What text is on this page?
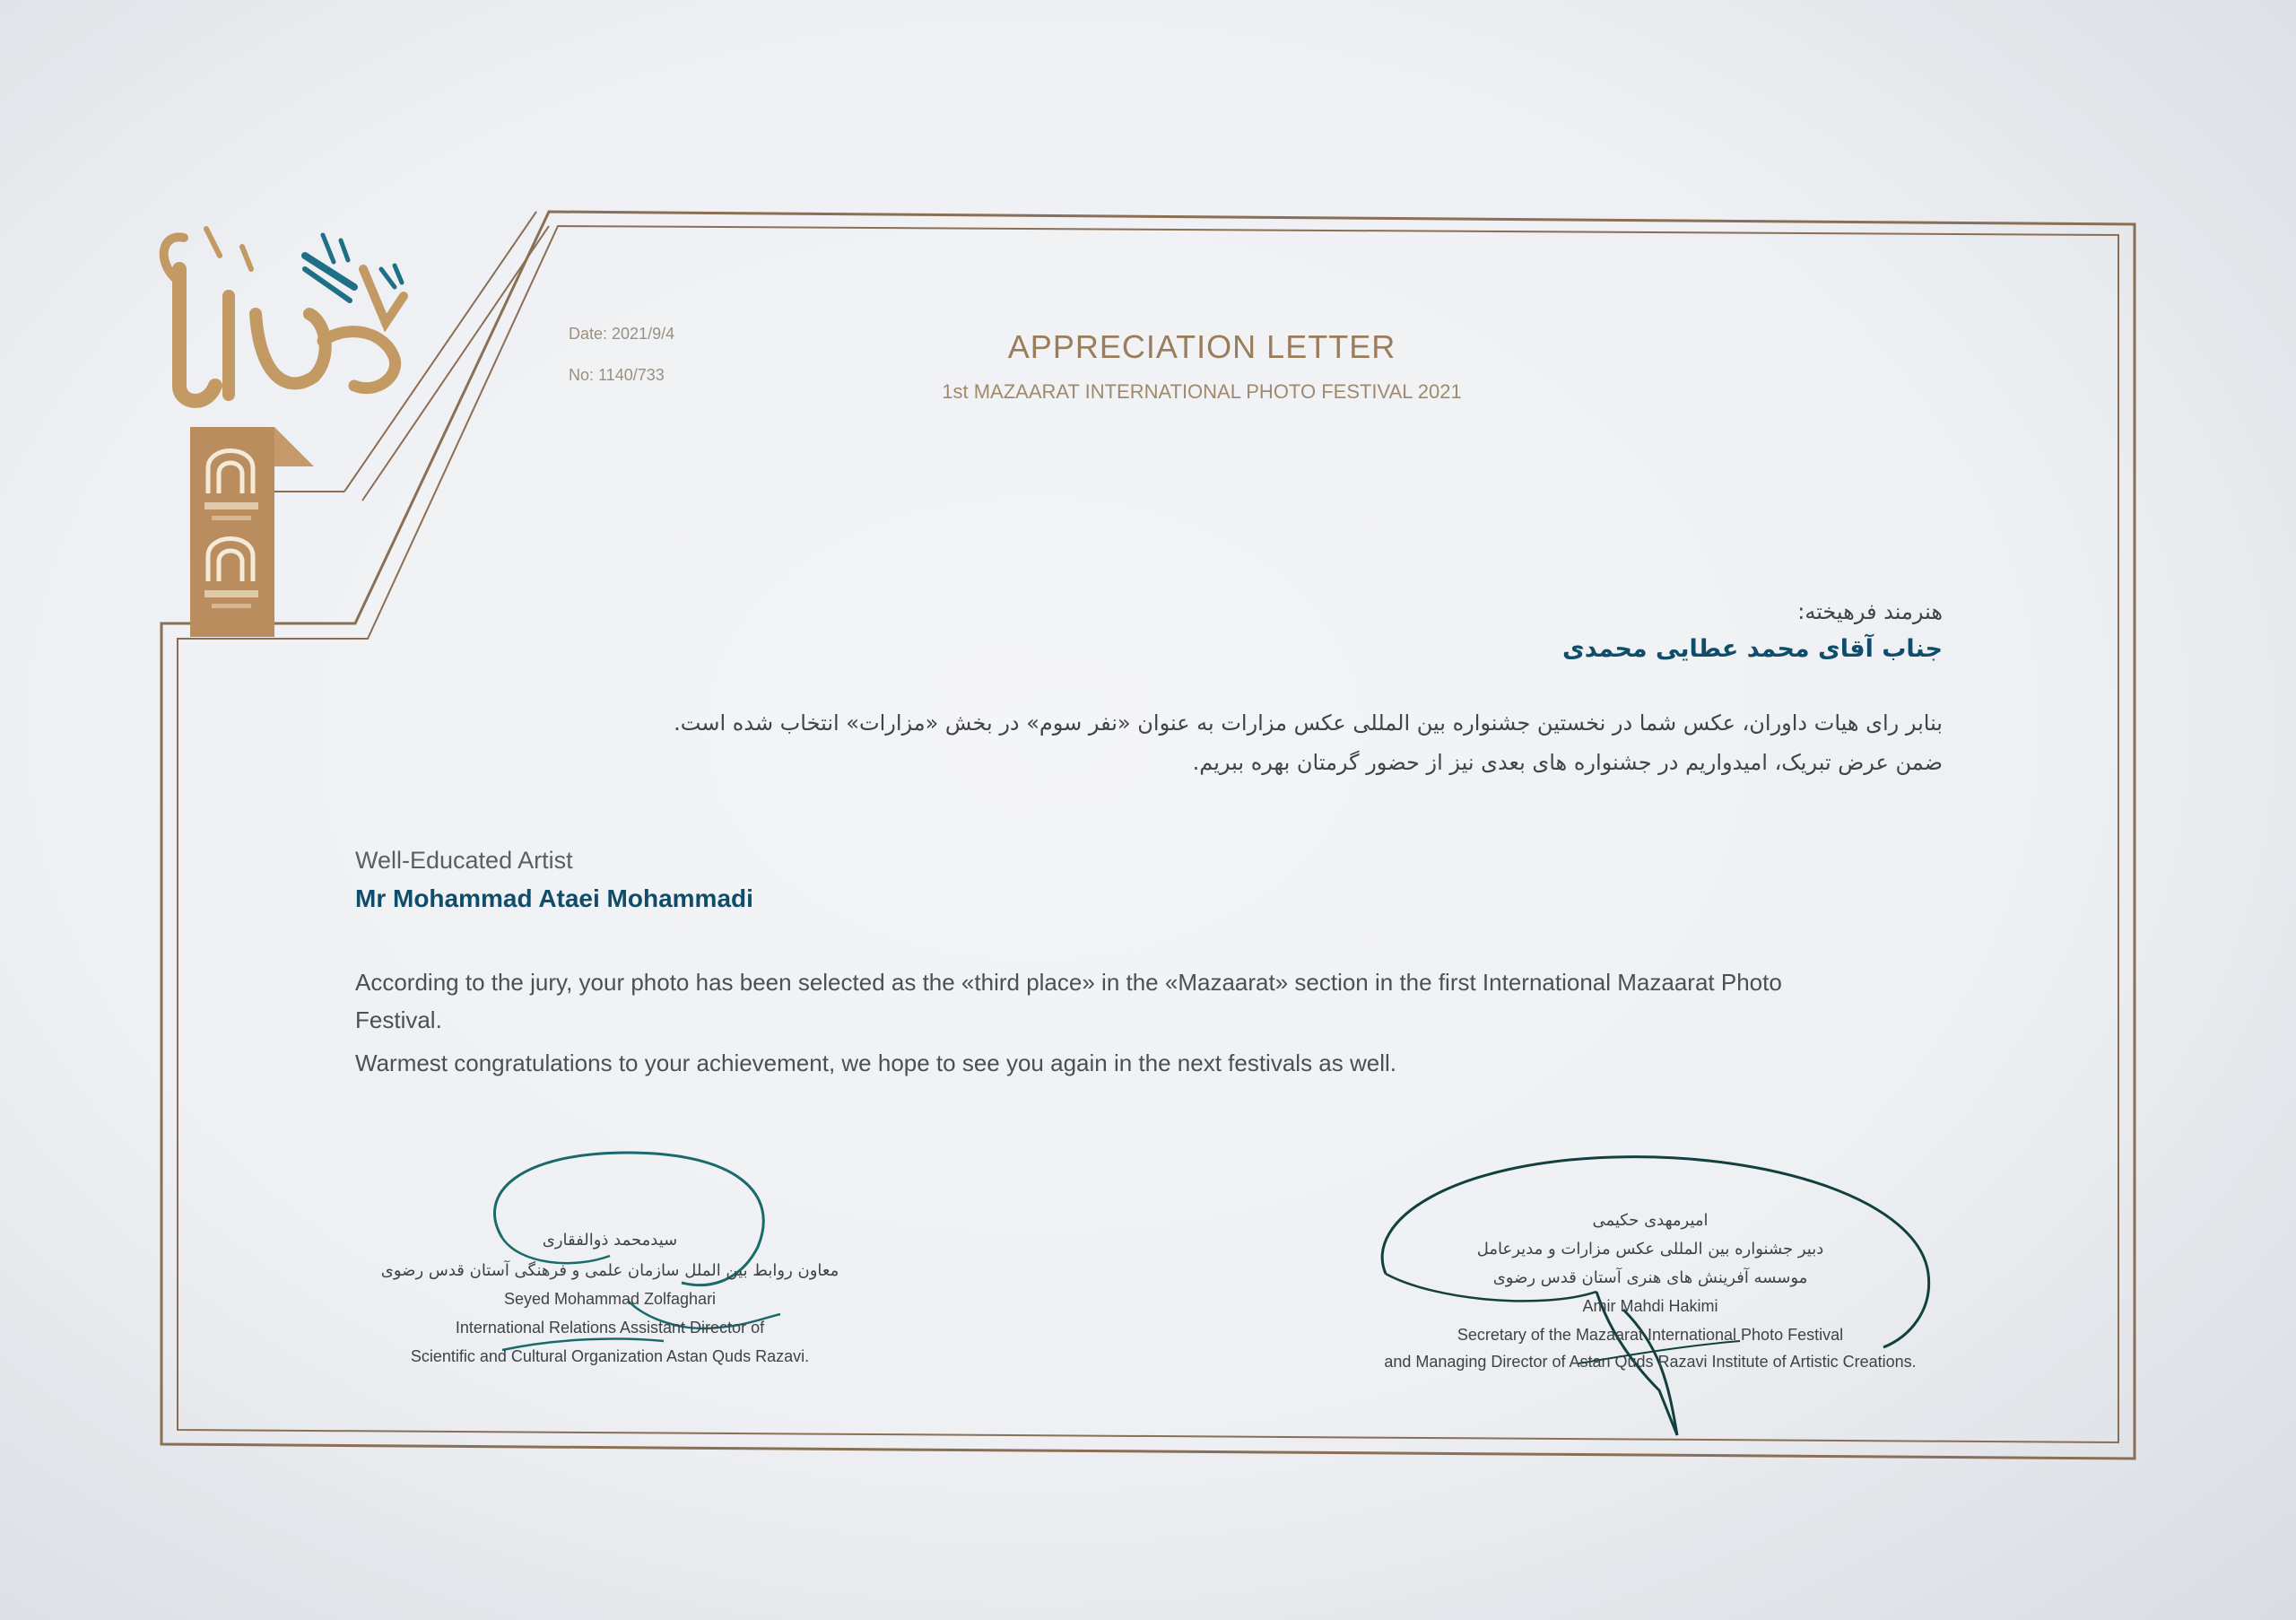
Date: 2021/9/4
No: 1140/733
APPRECIATION LETTER
1st MAZAARAT INTERNATIONAL PHOTO FESTIVAL 2021
هنرمند فرهیخته:
جناب آقای محمد عطایی محمدی
بنابر رای هیات داوران، عکس شما در نخستین جشنواره بین المللی عکس مزارات به عنوان «نفر سوم» در بخش «مزارات» انتخاب شده است.
ضمن عرض تبریک، امیدواریم در جشنواره های بعدی نیز از حضور گرمتان بهره ببریم.
Well-Educated Artist
Mr Mohammad Ataei Mohammadi
According to the jury, your photo has been selected as the «third place» in the «Mazaarat» section in the first International Mazaarat Photo
Festival.
Warmest congratulations to your achievement, we hope to see you again in the next festivals as well.
سیدمحمد ذوالفقاری
معاون روابط بین الملل سازمان علمی و فرهنگی آستان قدس رضوی
Seyed Mohammad Zolfaghari
International Relations Assistant Director of
Scientific and Cultural Organization Astan Quds Razavi.
امیرمهدی حکیمی
دبیر جشنواره بین المللی عکس مزارات و مدیرعامل
موسسه آفرینش های هنری آستان قدس رضوی
Amir Mahdi Hakimi
Secretary of the Mazaarat International Photo Festival
and Managing Director of Astan Quds Razavi Institute of Artistic Creations.
